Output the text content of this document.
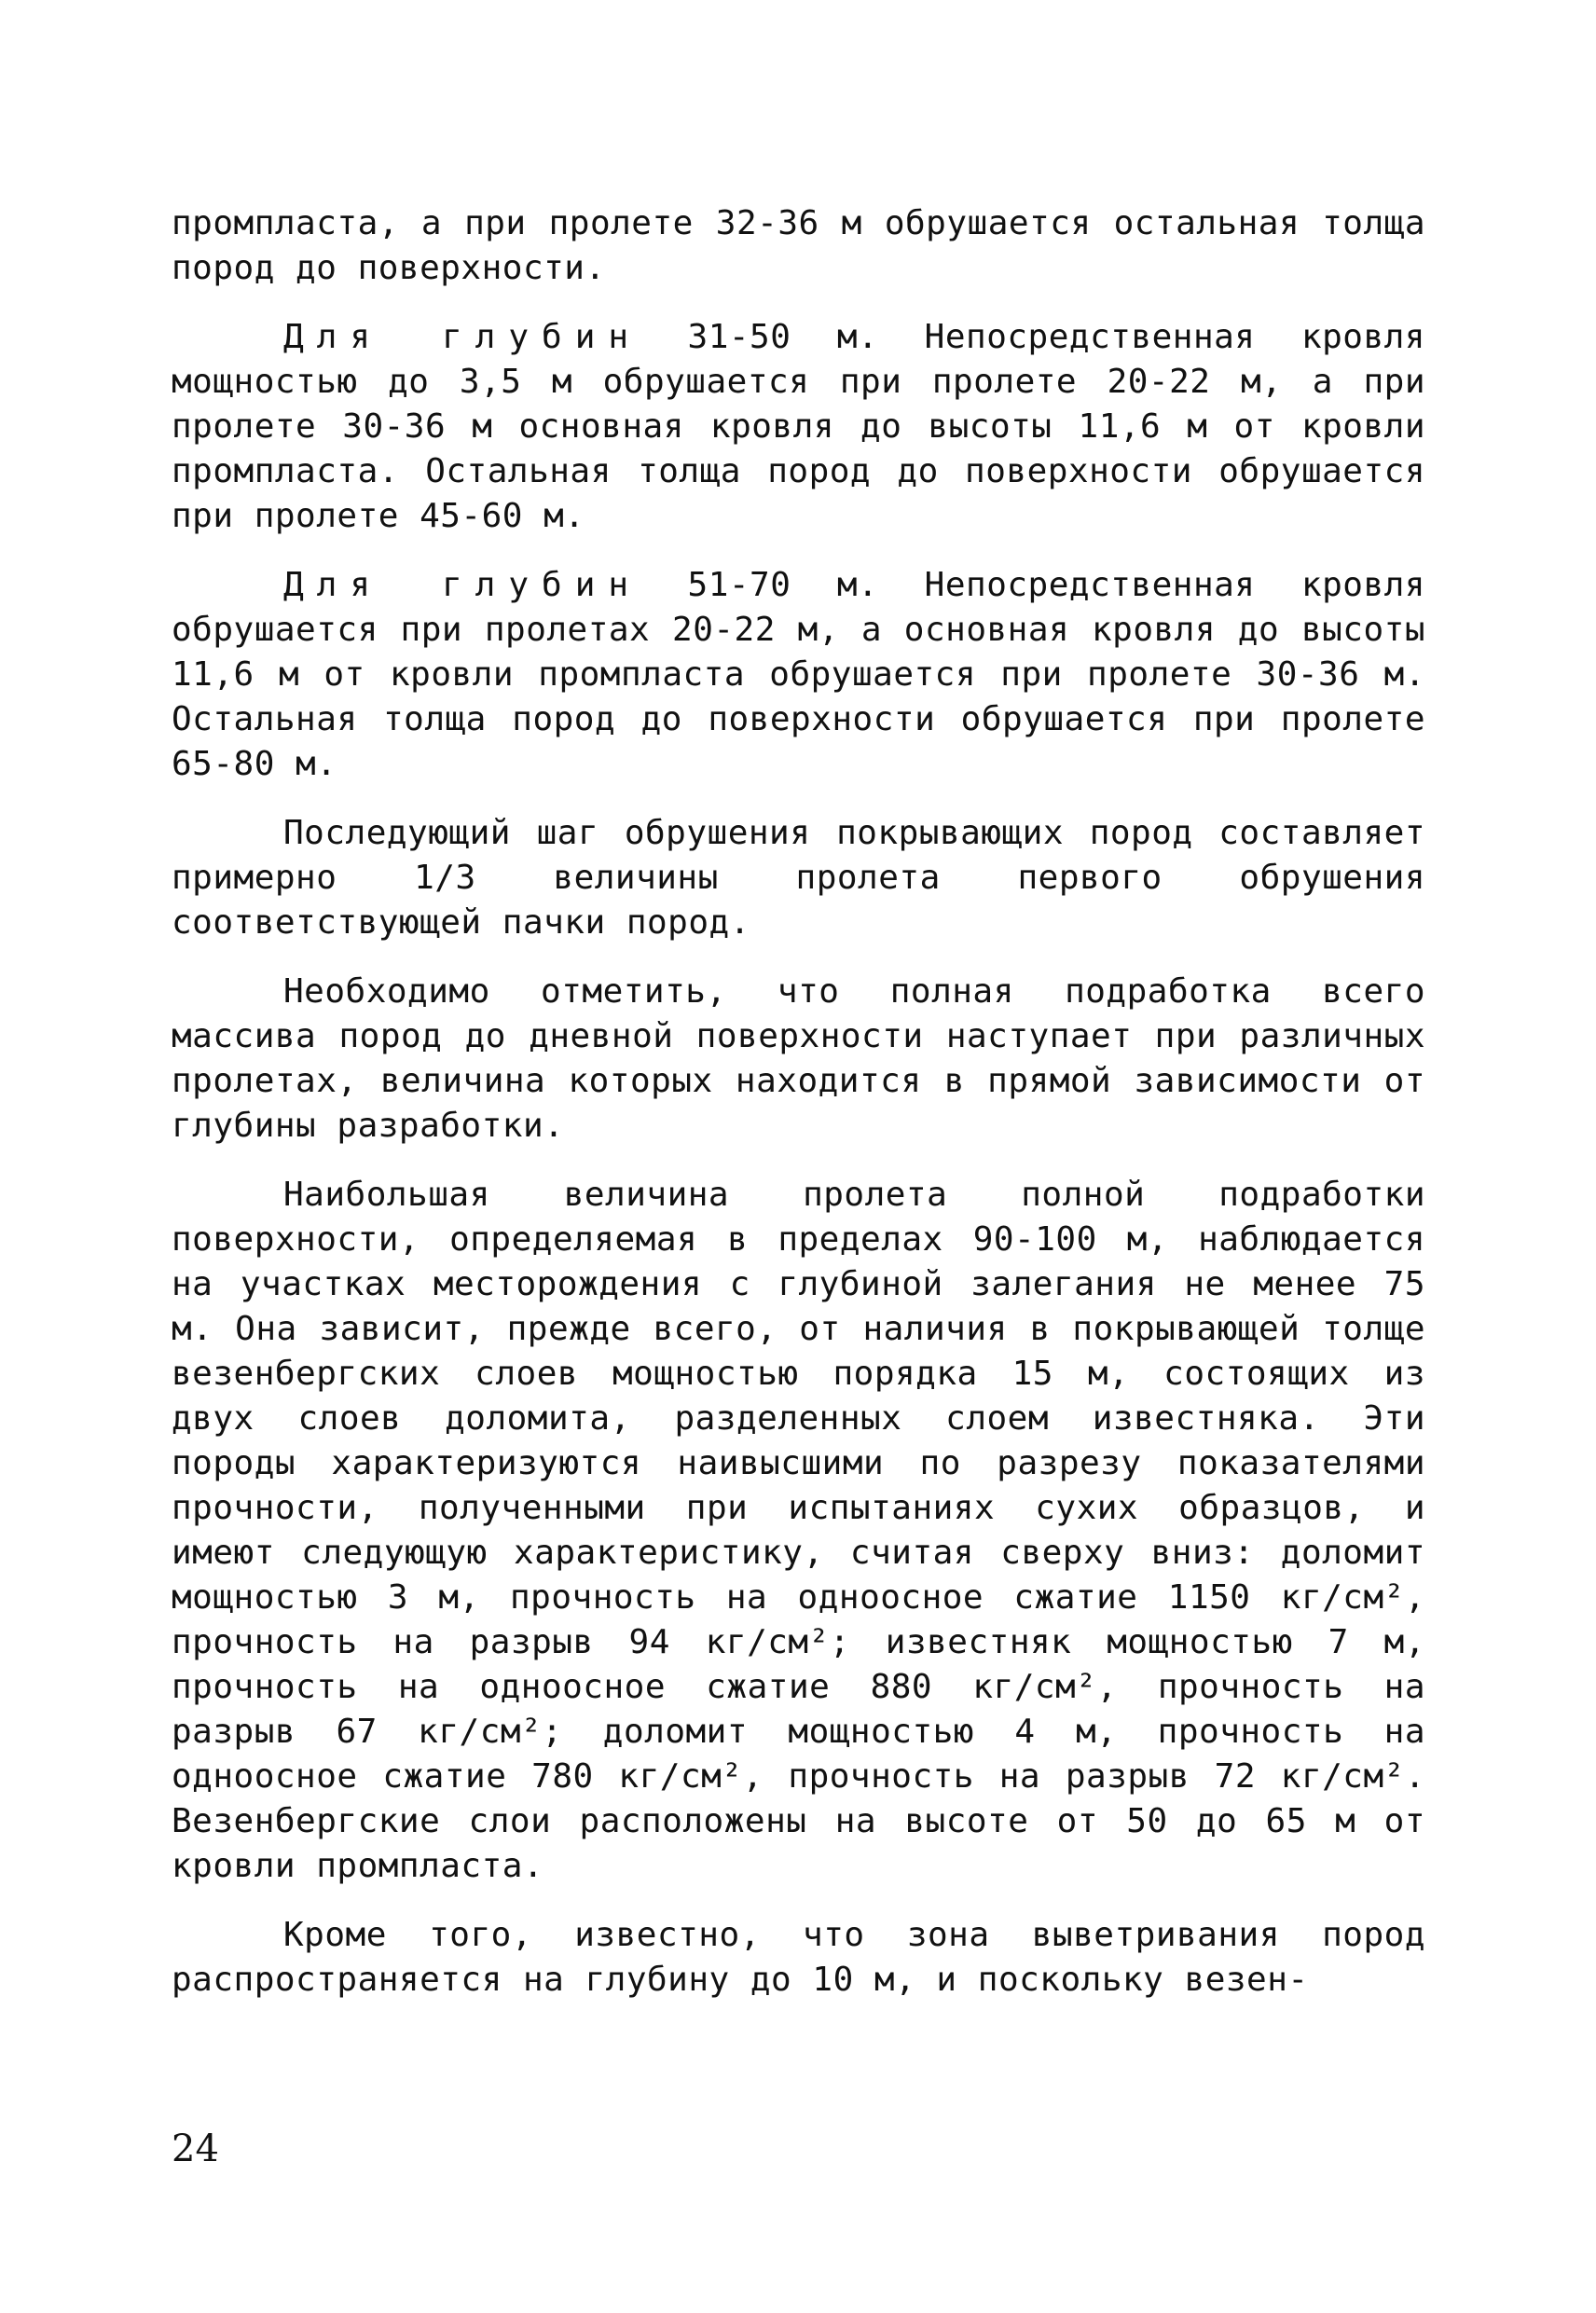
промпласта, а при пролете 32-36 м обрушается остальная толща пород до поверхности.

Для глубин 31-50 м. Непосредственная кровля мощностью до 3,5 м обрушается при пролете 20-22 м, а при пролете 30-36 м основная кровля до высоты 11,6 м от кровли промпласта. Остальная толща пород до поверхности обрушается при пролете 45-60 м.

Для глубин 51-70 м. Непосредственная кровля обрушается при пролетах 20-22 м, а основная кровля до высоты 11,6 м от кровли промпласта обрушается при пролете 30-36 м. Остальная толща пород до поверхности обрушается при пролете 65-80 м.

Последующий шаг обрушения покрывающих пород составляет примерно 1/3 величины пролета первого обрушения соответствующей пачки пород.

Необходимо отметить, что полная подработка всего массива пород до дневной поверхности наступает при различных пролетах, величина которых находится в прямой зависимости от глубины разработки.

Наибольшая величина пролета полной подработки поверхности, определяемая в пределах 90-100 м, наблюдается на участках месторождения с глубиной залегания не менее 75 м. Она зависит, прежде всего, от наличия в покрывающей толще везенбергских слоев мощностью порядка 15 м, состоящих из двух слоев доломита, разделенных слоем известняка. Эти породы характеризуются наивысшими по разрезу показателями прочности, полученными при испытаниях сухих образцов, и имеют следующую характеристику, считая сверху вниз: доломит мощностью 3 м, прочность на одноосное сжатие 1150 кг/см², прочность на разрыв 94 кг/см²; известняк мощностью 7 м, прочность на одноосное сжатие 880 кг/см², прочность на разрыв 67 кг/см²; доломит мощностью 4 м, прочность на одноосное сжатие 780 кг/см², прочность на разрыв 72 кг/см². Везенбергские слои расположены на высоте от 50 до 65 м от кровли промпласта.

Кроме того, известно, что зона выветривания пород распространяется на глубину до 10 м, и поскольку везен-

24
